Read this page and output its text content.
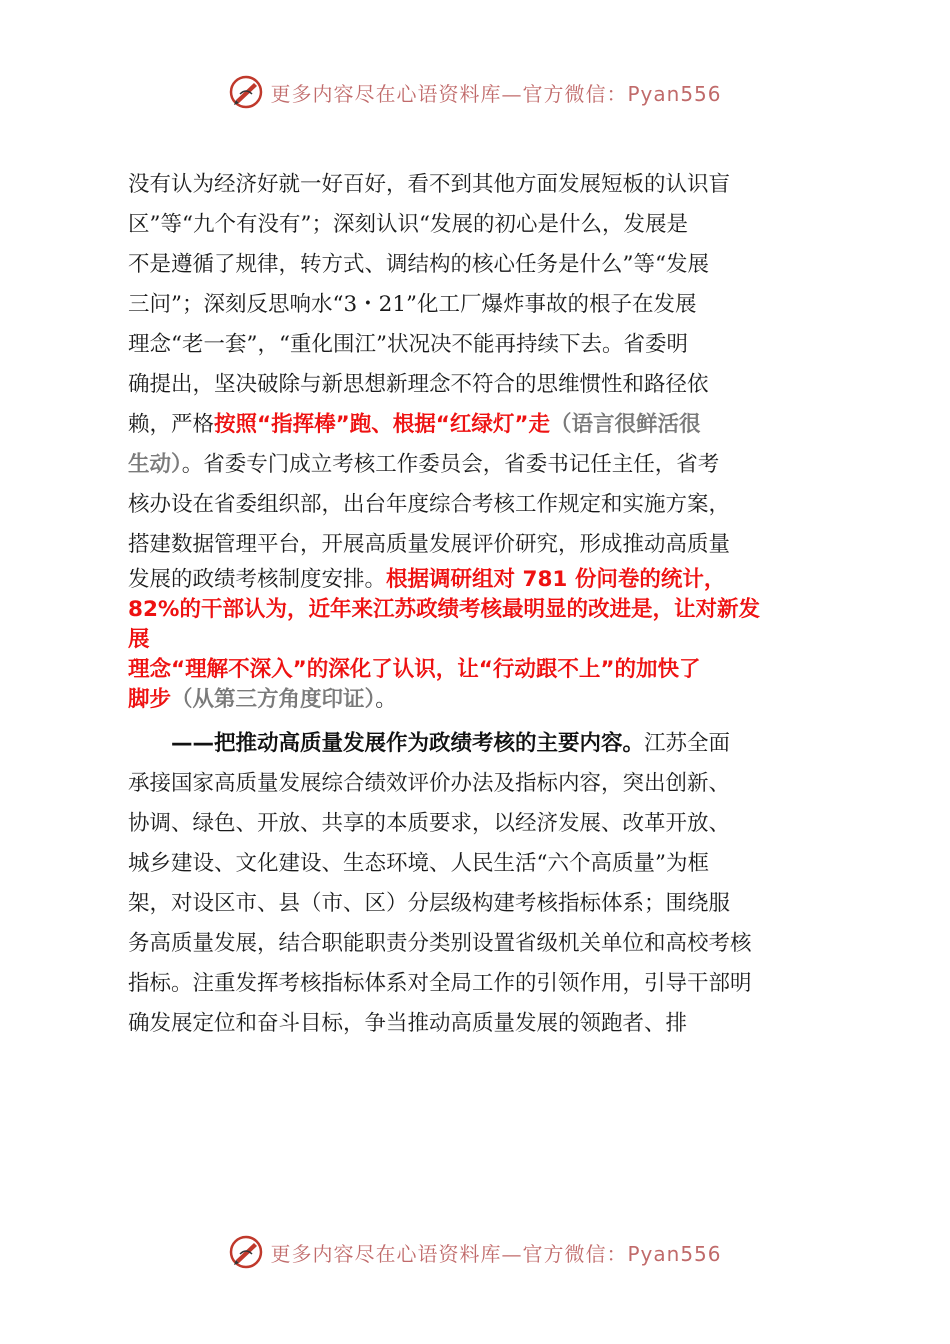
更多内容尽在心语资料库—官方微信：Pyan556
没有认为经济好就一好百好，看不到其他方面发展短板的认识盲
区”等“九个有没有”；深刻认识“发展的初心是什么，发展是
不是遵循了规律，转方式、调结构的核心任务是什么”等“发展
三问”；深刻反思响水“3・21”化工厂爆炸事故的根子在发展
理念“老一套”，“重化围江”状况决不能再持续下去。省委明
确提出，坚决破除与新思想新理念不符合的思维惯性和路径依
赖，严格按照“指挥棒”跑、根据“红绿灯”走（语言很鲜活很
生动）。省委专门成立考核工作委员会，省委书记任主任，省考
核办设在省委组织部，出台年度综合考核工作规定和实施方案，
搭建数据管理平台，开展高质量发展评价研究，形成推动高质量
发展的政绩考核制度安排。根据调研组对 781 份问卷的统计，
82%的干部认为，近年来江苏政绩考核最明显的改进是，让对新发
展
理念“理解不深入”的深化了认识，让“行动跟不上”的加快了
脚步（从第三方角度印证）。
——把推动高质量发展作为政绩考核的主要内容。江苏全面
承接国家高质量发展综合绩效评价办法及指标内容，突出创新、
协调、绿色、开放、共享的本质要求，以经济发展、改革开放、
城乡建设、文化建设、生态环境、人民生活“六个高质量”为框
架，对设区市、县（市、区）分层级构建考核指标体系；围绕服
务高质量发展，结合职能职责分类别设置省级机关单位和高校考核
指标。注重发挥考核指标体系对全局工作的引领作用，引导干部明
确发展定位和奋斗目标，争当推动高质量发展的领跑者、排
更多内容尽在心语资料库—官方微信：Pyan556
